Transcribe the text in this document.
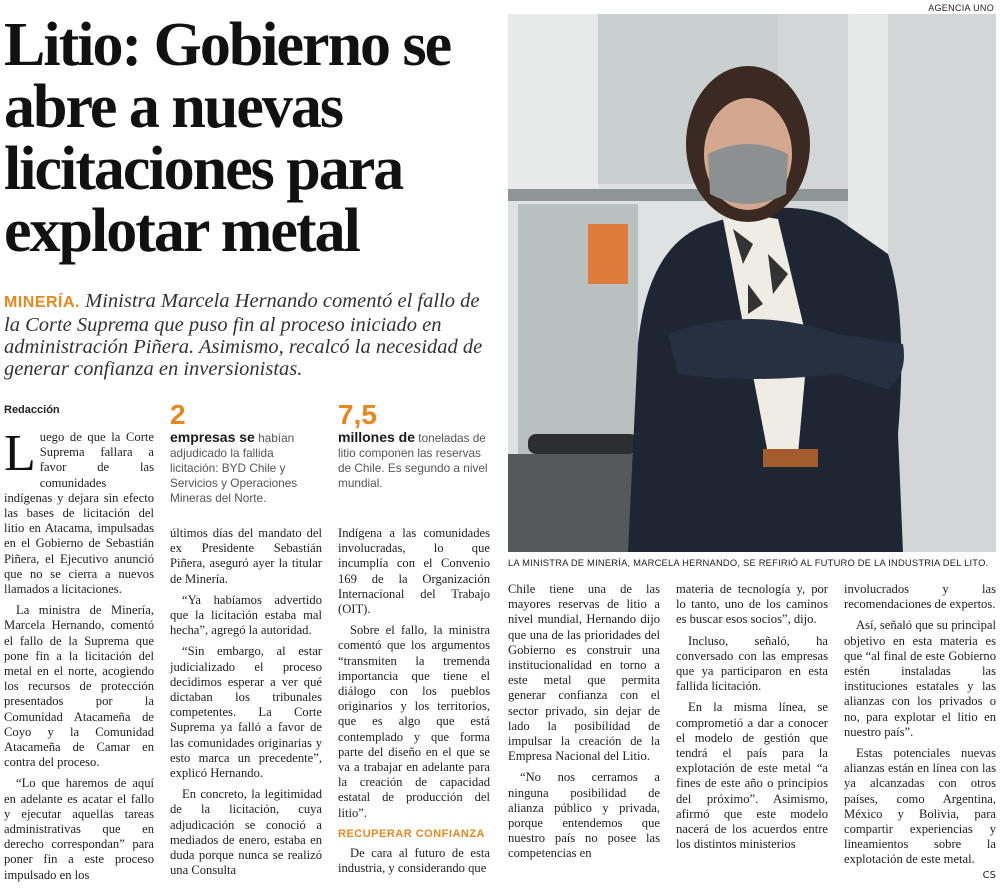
AGENCIA UNO
Litio: Gobierno se abre a nuevas licitaciones para explotar metal
LA MINISTRA DE MINERÍA, MARCELA HERNANDO, SE REFIRIÓ AL FUTURO DE LA INDUSTRIA DEL LITO.

MINERÍA. Ministra Marcela Hernando comentó el fallo de la Corte Suprema que puso fin al proceso iniciado en administración Piñera. Asimismo, recalcó la necesidad de generar confianza en inversionistas.

Redacción

Luego de que la Corte Suprema fallara a favor de las comunidades indígenas y dejara sin efecto las bases de licitación del litio en Atacama, impulsadas en el Gobierno de Sebastián Piñera, el Ejecutivo anunció que no se cierra a nuevos llamados a licitaciones.

La ministra de Minería, Marcela Hernando, comentó el fallo de la Suprema que pone fin a la licitación del metal en el norte, acogiendo los recursos de protección presentados por la Comunidad Atacameña de Coyo y la Comunidad Atacameña de Camar en contra del proceso.

“Lo que haremos de aquí en adelante es acatar el fallo y ejecutar aquellas tareas administrativas que en derecho correspondan” para poner fin a este proceso impulsado en los

2
empresas se habían adjudicado la fallida licitación: BYD Chile y Servicios y Operaciones Mineras del Norte.
7,5
millones de toneladas de litio componen las reservas de Chile. Es segundo a nivel mundial.

últimos días del mandato del ex Presidente Sebastián Piñera, aseguró ayer la titular de Minería.

“Ya habíamos advertido que la licitación estaba mal hecha”, agregó la autoridad.

“Sin embargo, al estar judicializado el proceso decidimos esperar a ver qué dictaban los tribunales competentes. La Corte Suprema ya falló a favor de las comunidades originarias y esto marca un precedente”, explicó Hernando.

En concreto, la legitimidad de la licitación, cuya adjudicación se conoció a mediados de enero, estaba en duda porque nunca se realizó una Consulta

Indígena a las comunidades involucradas, lo que incumplía con el Convenio 169 de la Organización Internacional del Trabajo (OIT).

Sobre el fallo, la ministra comentó que los argumentos “transmiten la tremenda importancia que tiene el diálogo con los pueblos originarios y los territorios, que es algo que está contemplado y que forma parte del diseño en el que se va a trabajar en adelante para la creación de capacidad estatal de producción del litio”.

RECUPERAR CONFIANZA

De cara al futuro de esta industria, y considerando que

Chile tiene una de las mayores reservas de litio a nivel mundial, Hernando dijo que una de las prioridades del Gobierno es construir una institucionalidad en torno a este metal que permita generar confianza con el sector privado, sin dejar de lado la posibilidad de impulsar la creación de la Empresa Nacional del Litio.

“No nos cerramos a ninguna posibilidad de alianza público y privada, porque entendemos que nuestro país no posee las competencias en

materia de tecnología y, por lo tanto, uno de los caminos es buscar esos socios”, dijo.

Incluso, señaló, ha conversado con las empresas que ya participaron en esta fallida licitación.

En la misma línea, se comprometió a dar a conocer el modelo de gestión que tendrá el país para la explotación de este metal “a fines de este año o principios del próximo”. Asimismo, afirmó que este modelo nacerá de los acuerdos entre los distintos ministerios

involucrados y las recomendaciones de expertos.

Así, señaló que su principal objetivo en esta materia es que “al final de este Gobierno estén instaladas las instituciones estatales y las alianzas con los privados o no, para explotar el litio en nuestro país”.

Estas potenciales nuevas alianzas están en línea con las ya alcanzadas con otros países, como Argentina, México y Bolivia, para compartir experiencias y lineamientos sobre la explotación de este metal.
CS
